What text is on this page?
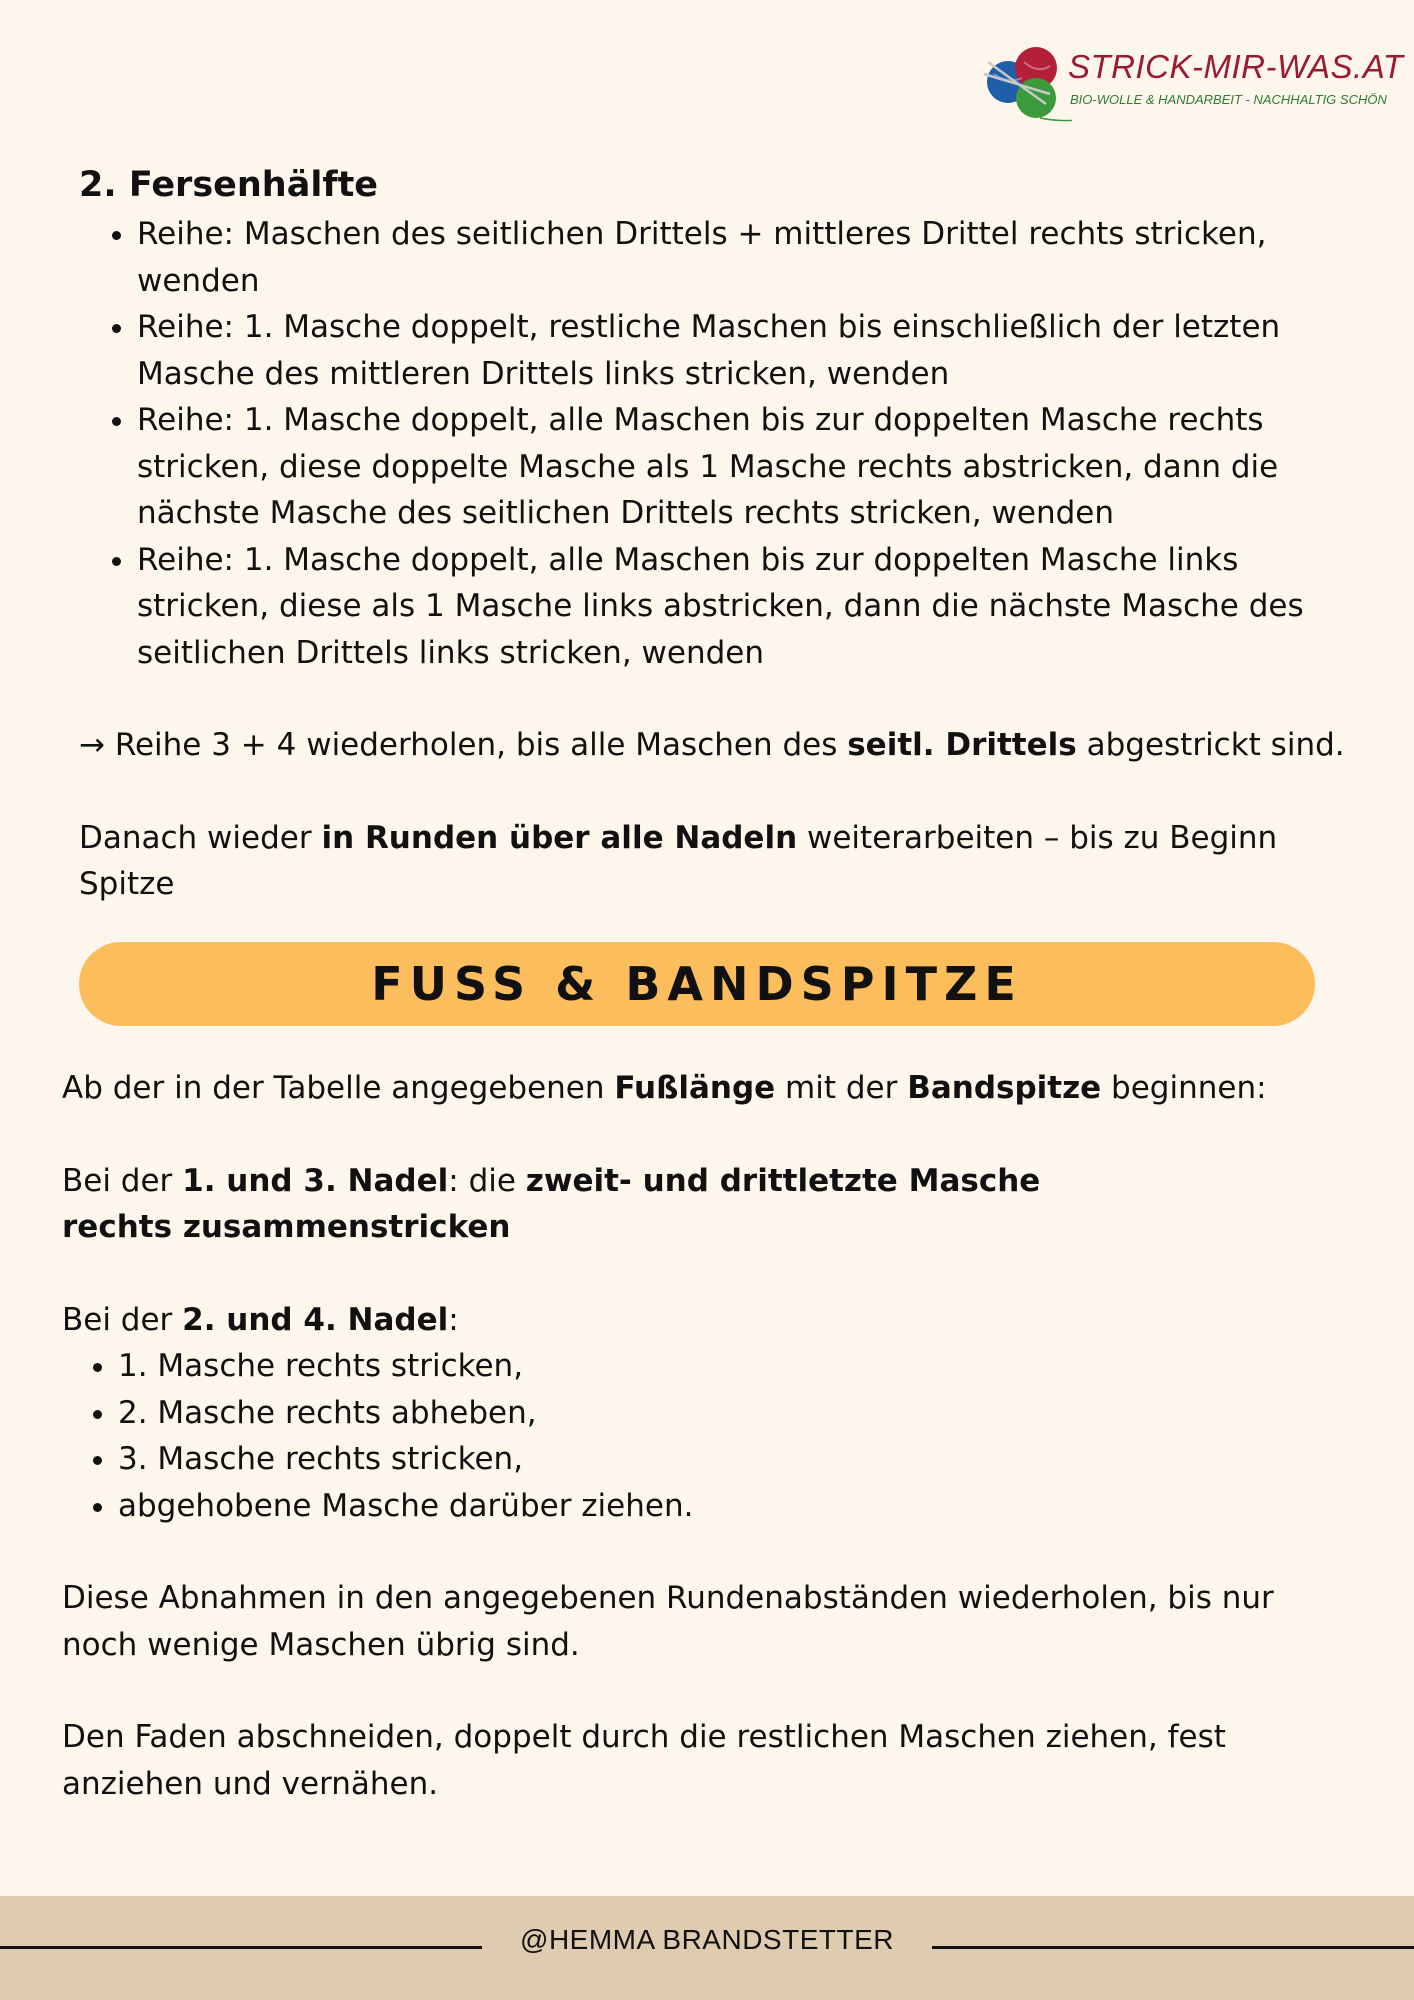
STRICK-MIR-WAS.AT
BIO-WOLLE & HANDARBEIT - NACHHALTIG SCHÖN
2. Fersenhälfte
• Reihe: Maschen des seitlichen Drittels + mittleres Drittel rechts stricken, wenden
• Reihe: 1. Masche doppelt, restliche Maschen bis einschließlich der letzten Masche des mittleren Drittels links stricken, wenden
• Reihe: 1. Masche doppelt, alle Maschen bis zur doppelten Masche rechts stricken, diese doppelte Masche als 1 Masche rechts abstricken, dann die nächste Masche des seitlichen Drittels rechts stricken, wenden
• Reihe: 1. Masche doppelt, alle Maschen bis zur doppelten Masche links stricken, diese als 1 Masche links abstricken, dann die nächste Masche des seitlichen Drittels links stricken, wenden

→ Reihe 3 + 4 wiederholen, bis alle Maschen des seitl. Drittels abgestrickt sind.

Danach wieder in Runden über alle Nadeln weiterarbeiten – bis zu Beginn Spitze

FUSS & BANDSPITZE

Ab der in der Tabelle angegebenen Fußlänge mit der Bandspitze beginnen:

Bei der 1. und 3. Nadel: die zweit- und drittletzte Masche rechts zusammenstricken

Bei der 2. und 4. Nadel:

• 1. Masche rechts stricken,
• 2. Masche rechts abheben,
• 3. Masche rechts stricken,
• abgehobene Masche darüber ziehen.

Diese Abnahmen in den angegebenen Rundenabständen wiederholen, bis nur noch wenige Maschen übrig sind.

Den Faden abschneiden, doppelt durch die restlichen Maschen ziehen, fest anziehen und vernähen.

@HEMMA BRANDSTETTER
